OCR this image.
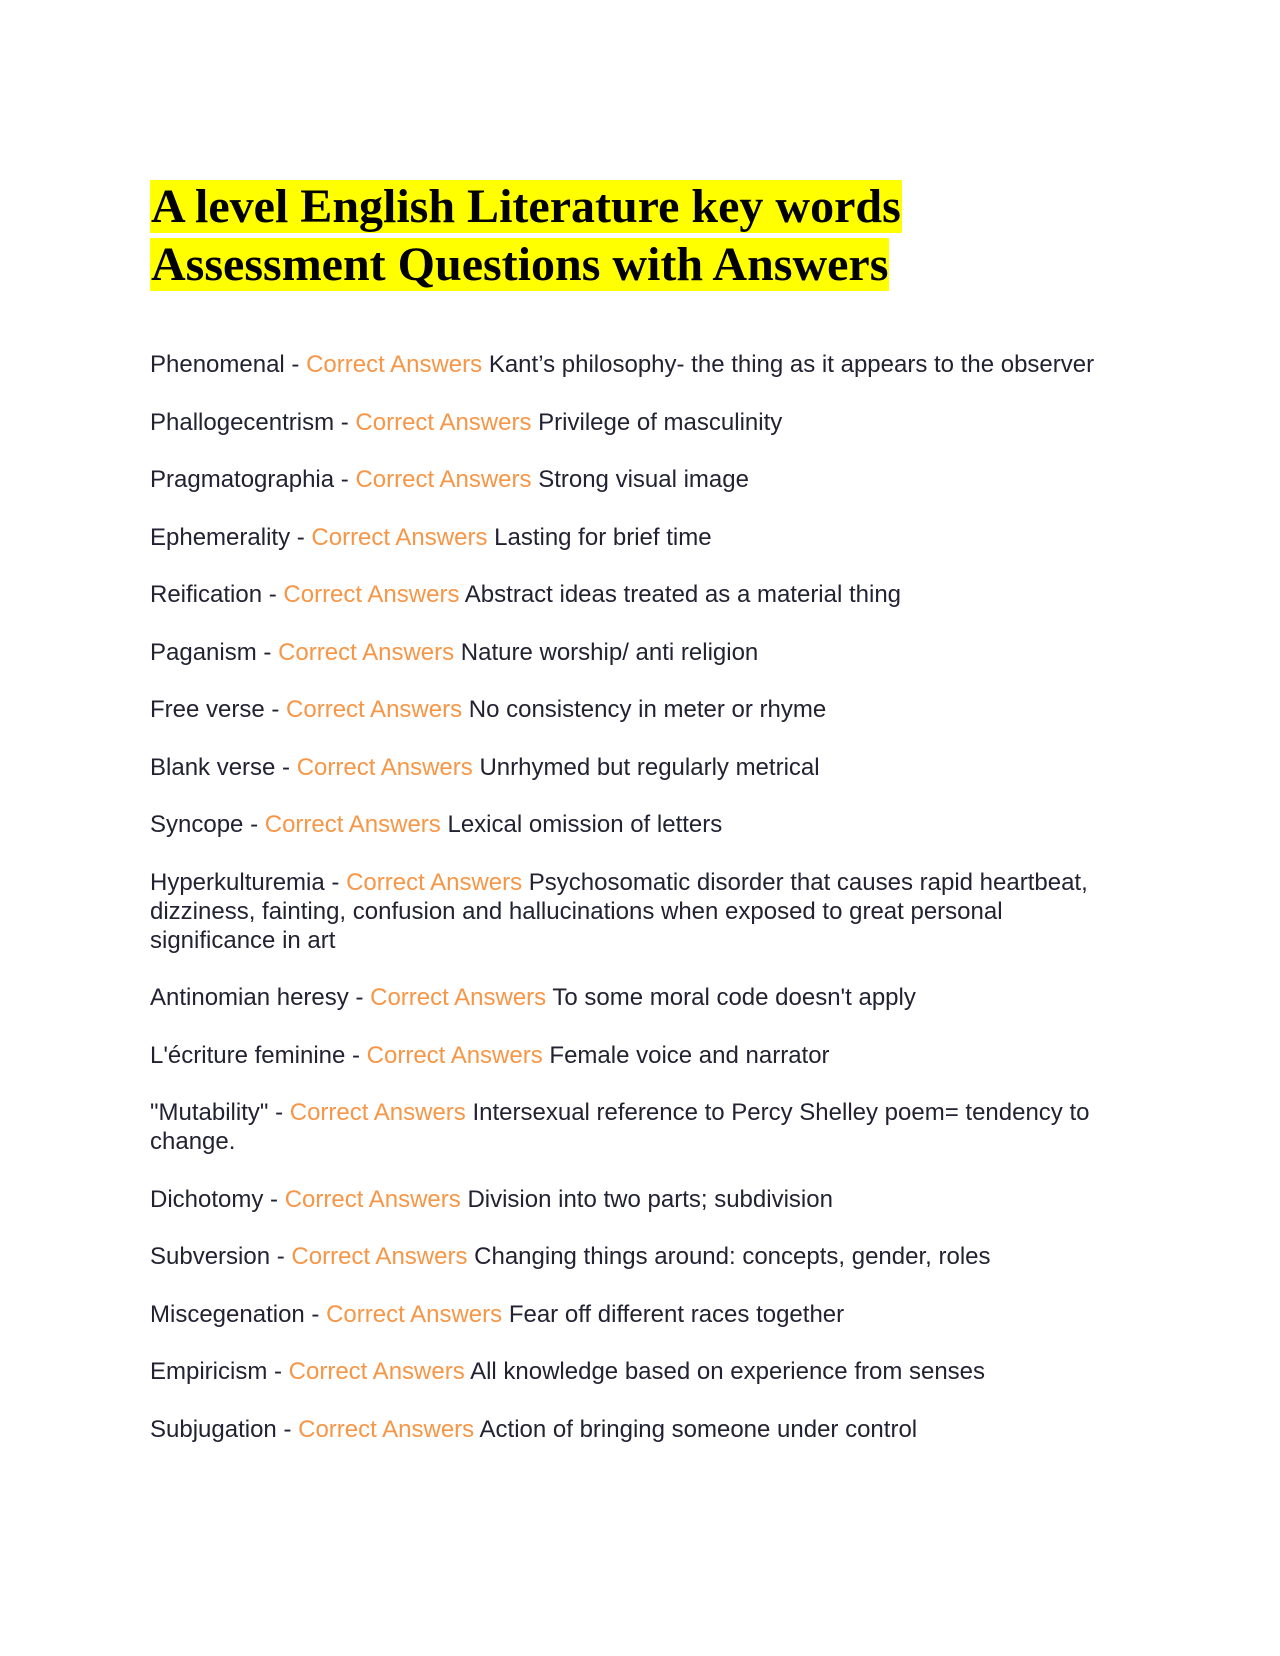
A level English Literature key words
Assessment Questions with Answers

Phenomenal - Correct Answers Kant’s philosophy- the thing as it appears to the observer

Phallogecentrism - Correct Answers Privilege of masculinity

Pragmatographia - Correct Answers Strong visual image

Ephemerality - Correct Answers Lasting for brief time

Reification - Correct Answers Abstract ideas treated as a material thing

Paganism - Correct Answers Nature worship/ anti religion

Free verse - Correct Answers No consistency in meter or rhyme

Blank verse - Correct Answers Unrhymed but regularly metrical

Syncope - Correct Answers Lexical omission of letters

Hyperkulturemia - Correct Answers Psychosomatic disorder that causes rapid heartbeat, dizziness, fainting, confusion and hallucinations when exposed to great personal significance in art

Antinomian heresy - Correct Answers To some moral code doesn't apply

L'écriture feminine - Correct Answers Female voice and narrator

"Mutability" - Correct Answers Intersexual reference to Percy Shelley poem= tendency to change.

Dichotomy - Correct Answers Division into two parts; subdivision

Subversion - Correct Answers Changing things around: concepts, gender, roles

Miscegenation - Correct Answers Fear off different races together

Empiricism - Correct Answers All knowledge based on experience from senses

Subjugation - Correct Answers Action of bringing someone under control
